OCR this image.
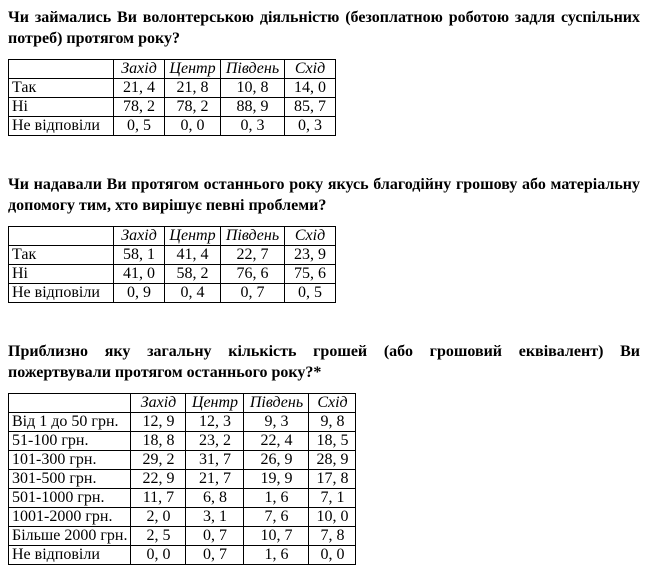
Чи займались Ви волонтерською діяльністю (безоплатною роботою задля суспільних потреб) протягом року?

	Захід	Центр	Південь	Схід
Так	21, 4	21, 8	10, 8	14, 0
Ні	78, 2	78, 2	88, 9	85, 7
Не відповіли	0, 5	0, 0	0, 3	0, 3

Чи надавали Ви протягом останнього року якусь благодійну грошову або матеріальну допомогу тим, хто вирішує певні проблеми?

	Захід	Центр	Південь	Схід
Так	58, 1	41, 4	22, 7	23, 9
Ні	41, 0	58, 2	76, 6	75, 6
Не відповіли	0, 9	0, 4	0, 7	0, 5

Приблизно яку загальну кількість грошей (або грошовий еквівалент) Ви пожертвували протягом останнього року?*

	Захід	Центр	Південь	Схід
Від 1 до 50 грн.	12, 9	12, 3	9, 3	9, 8
51-100 грн.	18, 8	23, 2	22, 4	18, 5
101-300 грн.	29, 2	31, 7	26, 9	28, 9
301-500 грн.	22, 9	21, 7	19, 9	17, 8
501-1000 грн.	11, 7	6, 8	1, 6	7, 1
1001-2000 грн.	2, 0	3, 1	7, 6	10, 0
Більше 2000 грн.	2, 5	0, 7	10, 7	7, 8
Не відповіли	0, 0	0, 7	1, 6	0, 0
